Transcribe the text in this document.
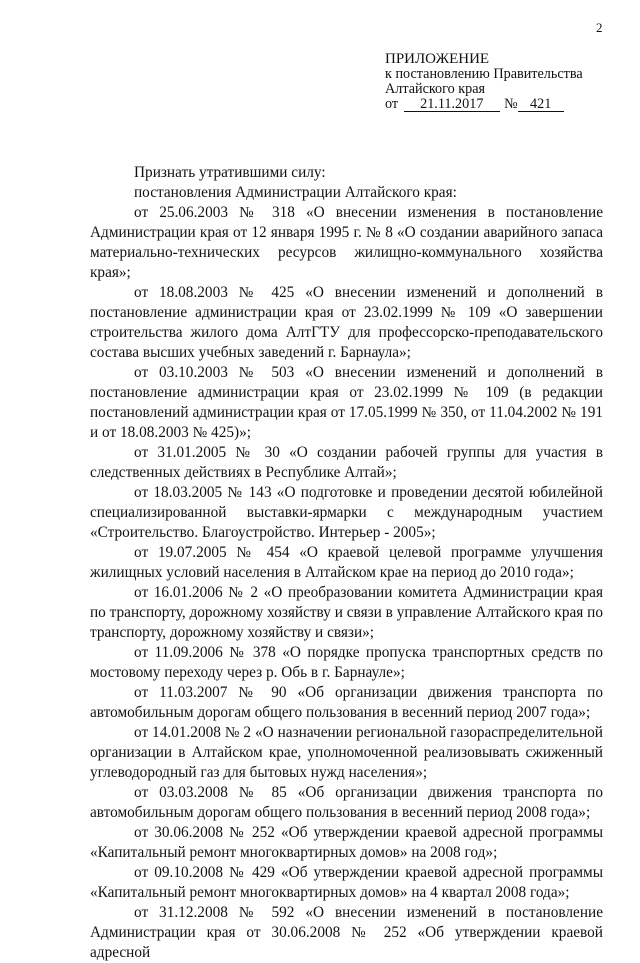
2
ПРИЛОЖЕНИЕ
к постановлению Правительства
Алтайского края
от	21.11.2017	№ 421
Признать утратившими силу:
постановления Администрации Алтайского края:

от 25.06.2003 № 318 «О внесении изменения в постановление Администрации края от 12 января 1995 г. № 8 «О создании аварийного запаса материально-технических ресурсов жилищно-коммунального хозяйства края»;

от 18.08.2003 № 425 «О внесении изменений и дополнений в постановление администрации края от 23.02.1999 № 109 «О завершении строительства жилого дома АлтГТУ для профессорско-преподавательского состава высших учебных заведений г. Барнаула»;

от 03.10.2003 № 503 «О внесении изменений и дополнений в постановление администрации края от 23.02.1999 № 109 (в редакции постановлений администрации края от 17.05.1999 № 350, от 11.04.2002 № 191 и от 18.08.2003 № 425)»;

от 31.01.2005 № 30 «О создании рабочей группы для участия в следственных действиях в Республике Алтай»;

от 18.03.2005 № 143 «О подготовке и проведении десятой юбилейной специализированной выставки-ярмарки с международным участием «Строительство. Благоустройство. Интерьер - 2005»;

от 19.07.2005 № 454 «О краевой целевой программе улучшения жилищных условий населения в Алтайском крае на период до 2010 года»;

от 16.01.2006 № 2 «О преобразовании комитета Администрации края по транспорту, дорожному хозяйству и связи в управление Алтайского края по транспорту, дорожному хозяйству и связи»;

от 11.09.2006 № 378 «О порядке пропуска транспортных средств по мостовому переходу через р. Обь в г. Барнауле»;

от 11.03.2007 № 90 «Об организации движения транспорта по автомобильным дорогам общего пользования в весенний период 2007 года»;

от 14.01.2008 № 2 «О назначении региональной газораспределительной организации в Алтайском крае, уполномоченной реализовывать сжиженный углеводородный газ для бытовых нужд населения»;

от 03.03.2008 № 85 «Об организации движения транспорта по автомобильным дорогам общего пользования в весенний период 2008 года»;

от 30.06.2008 № 252 «Об утверждении краевой адресной программы «Капитальный ремонт многоквартирных домов» на 2008 год»;

от 09.10.2008 № 429 «Об утверждении краевой адресной программы «Капитальный ремонт многоквартирных домов» на 4 квартал 2008 года»;

от 31.12.2008 № 592 «О внесении изменений в постановление Администрации края от 30.06.2008 № 252 «Об утверждении краевой адресной
